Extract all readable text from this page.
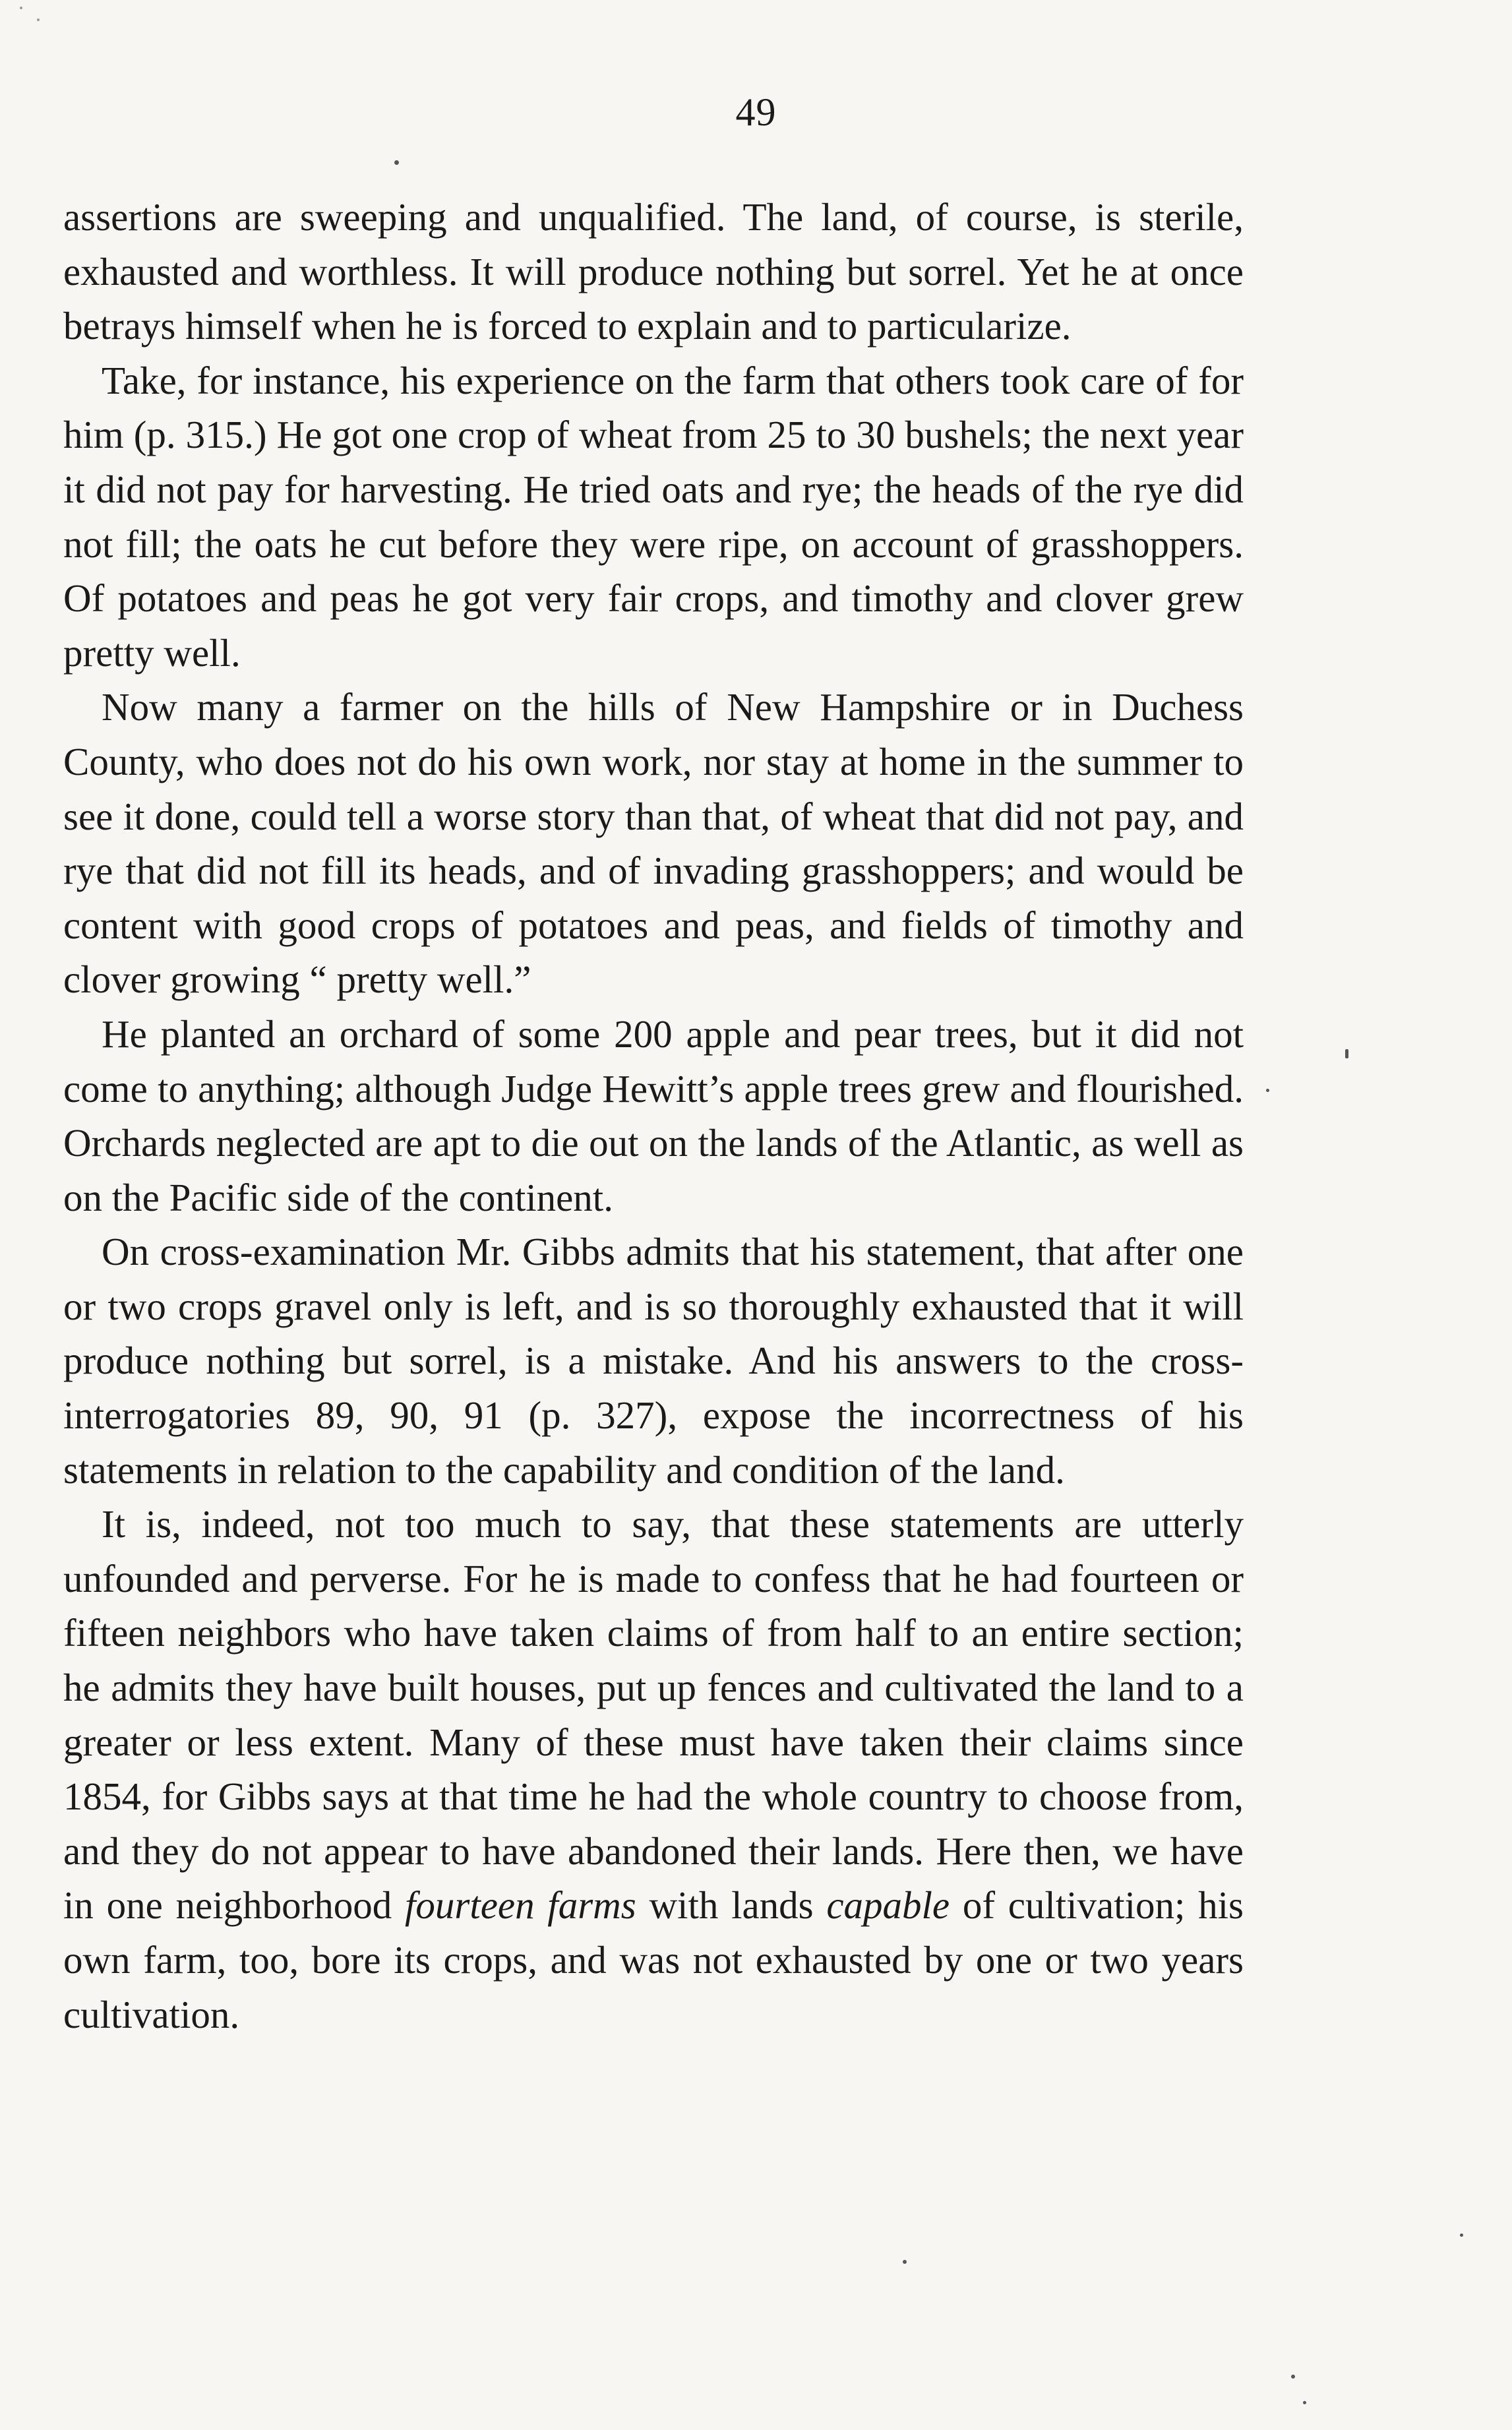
49

assertions are sweeping and unqualified. The land, of course, is sterile, exhausted and worthless. It will produce nothing but sorrel. Yet he at once betrays himself when he is forced to explain and to particularize.

Take, for instance, his experience on the farm that others took care of for him (p. 315.) He got one crop of wheat from 25 to 30 bushels; the next year it did not pay for harvesting. He tried oats and rye; the heads of the rye did not fill; the oats he cut before they were ripe, on account of grasshoppers. Of potatoes and peas he got very fair crops, and timothy and clover grew pretty well.

Now many a farmer on the hills of New Hampshire or in Duchess County, who does not do his own work, nor stay at home in the summer to see it done, could tell a worse story than that, of wheat that did not pay, and rye that did not fill its heads, and of invading grasshoppers; and would be content with good crops of potatoes and peas, and fields of timothy and clover growing “ pretty well.”

He planted an orchard of some 200 apple and pear trees, but it did not come to anything; although Judge Hewitt’s apple trees grew and flourished. Orchards neglected are apt to die out on the lands of the Atlantic, as well as on the Pacific side of the continent.

On cross-examination Mr. Gibbs admits that his statement, that after one or two crops gravel only is left, and is so thoroughly exhausted that it will produce nothing but sorrel, is a mistake. And his answers to the cross-interrogatories 89, 90, 91 (p. 327), expose the incorrectness of his statements in relation to the capability and condition of the land.

It is, indeed, not too much to say, that these statements are utterly unfounded and perverse. For he is made to confess that he had fourteen or fifteen neighbors who have taken claims of from half to an entire section; he admits they have built houses, put up fences and cultivated the land to a greater or less extent. Many of these must have taken their claims since 1854, for Gibbs says at that time he had the whole country to choose from, and they do not appear to have abandoned their lands. Here then, we have in one neighborhood fourteen farms with lands capable of cultivation; his own farm, too, bore its crops, and was not exhausted by one or two years cultivation.
